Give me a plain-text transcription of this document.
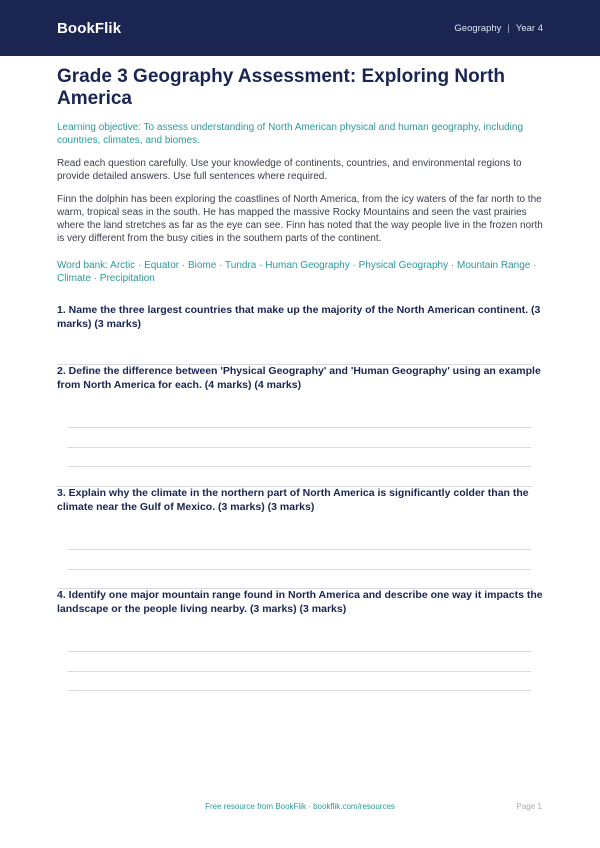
BookFlik	Geography | Year 4
Grade 3 Geography Assessment: Exploring North America

Learning objective: To assess understanding of North American physical and human geography, including countries, climates, and biomes.

Read each question carefully. Use your knowledge of continents, countries, and environmental regions to provide detailed answers. Use full sentences where required.

Finn the dolphin has been exploring the coastlines of North America, from the icy waters of the far north to the warm, tropical seas in the south. He has mapped the massive Rocky Mountains and seen the vast prairies where the land stretches as far as the eye can see. Finn has noted that the way people live in the frozen north is very different from the busy cities in the southern parts of the continent.

Word bank: Arctic · Equator · Biome · Tundra · Human Geography · Physical Geography · Mountain Range · Climate · Precipitation

1. Name the three largest countries that make up the majority of the North American continent. (3 marks) (3 marks)

2. Define the difference between 'Physical Geography' and 'Human Geography' using an example from North America for each. (4 marks) (4 marks)

3. Explain why the climate in the northern part of North America is significantly colder than the climate near the Gulf of Mexico. (3 marks) (3 marks)

4. Identify one major mountain range found in North America and describe one way it impacts the landscape or the people living nearby. (3 marks) (3 marks)

Free resource from BookFlik · bookflik.com/resources	Page 1
